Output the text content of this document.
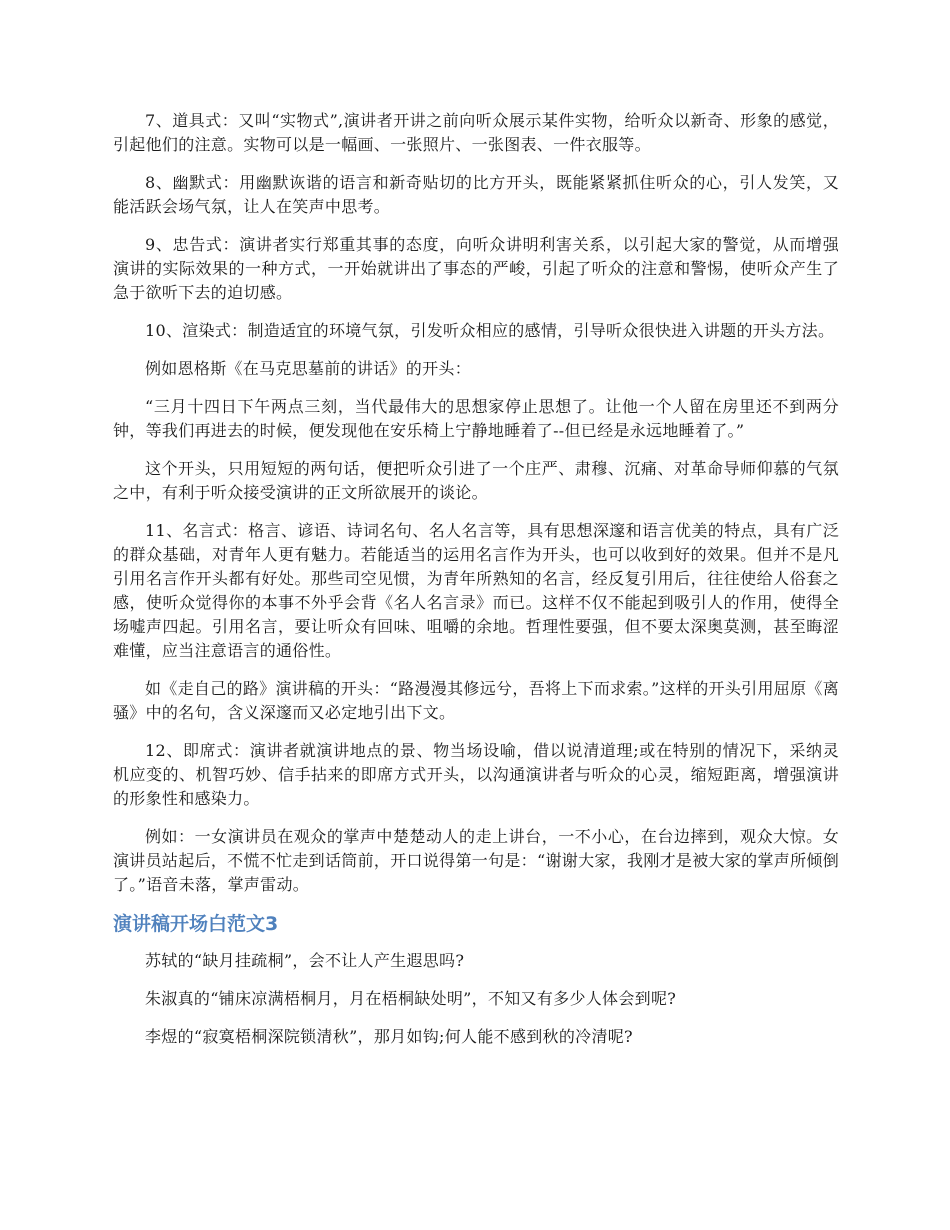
7、道具式：又叫“实物式”,演讲者开讲之前向听众展示某件实物，给听众以新奇、形象的感觉，引起他们的注意。实物可以是一幅画、一张照片、一张图表、一件衣服等。

8、幽默式：用幽默诙谐的语言和新奇贴切的比方开头，既能紧紧抓住听众的心，引人发笑，又能活跃会场气氛，让人在笑声中思考。

9、忠告式：演讲者实行郑重其事的态度，向听众讲明利害关系，以引起大家的警觉，从而增强演讲的实际效果的一种方式，一开始就讲出了事态的严峻，引起了听众的注意和警惕，使听众产生了急于欲听下去的迫切感。

10、渲染式：制造适宜的环境气氛，引发听众相应的感情，引导听众很快进入讲题的开头方法。

例如恩格斯《在马克思墓前的讲话》的开头：

“三月十四日下午两点三刻，当代最伟大的思想家停止思想了。让他一个人留在房里还不到两分钟，等我们再进去的时候，便发现他在安乐椅上宁静地睡着了--但已经是永远地睡着了。”

这个开头，只用短短的两句话，便把听众引进了一个庄严、肃穆、沉痛、对革命导师仰慕的气氛之中，有利于听众接受演讲的正文所欲展开的谈论。

11、名言式：格言、谚语、诗词名句、名人名言等，具有思想深邃和语言优美的特点，具有广泛的群众基础，对青年人更有魅力。若能适当的运用名言作为开头，也可以收到好的效果。但并不是凡引用名言作开头都有好处。那些司空见惯，为青年所熟知的名言，经反复引用后，往往使给人俗套之感，使听众觉得你的本事不外乎会背《名人名言录》而已。这样不仅不能起到吸引人的作用，使得全场嘘声四起。引用名言，要让听众有回味、咀嚼的余地。哲理性要强，但不要太深奥莫测，甚至晦涩难懂，应当注意语言的通俗性。

如《走自己的路》演讲稿的开头：“路漫漫其修远兮，吾将上下而求索。”这样的开头引用屈原《离骚》中的名句，含义深邃而又必定地引出下文。

12、即席式：演讲者就演讲地点的景、物当场设喻，借以说清道理;或在特别的情况下，采纳灵机应变的、机智巧妙、信手拈来的即席方式开头，以沟通演讲者与听众的心灵，缩短距离，增强演讲的形象性和感染力。

例如：一女演讲员在观众的掌声中楚楚动人的走上讲台，一不小心，在台边摔到，观众大惊。女演讲员站起后，不慌不忙走到话筒前，开口说得第一句是：“谢谢大家，我刚才是被大家的掌声所倾倒了。”语音未落，掌声雷动。

演讲稿开场白范文3

苏轼的“缺月挂疏桐”，会不让人产生遐思吗?

朱淑真的“铺床凉满梧桐月，月在梧桐缺处明”，不知又有多少人体会到呢?

李煜的“寂寞梧桐深院锁清秋”，那月如钩;何人能不感到秋的冷清呢?
